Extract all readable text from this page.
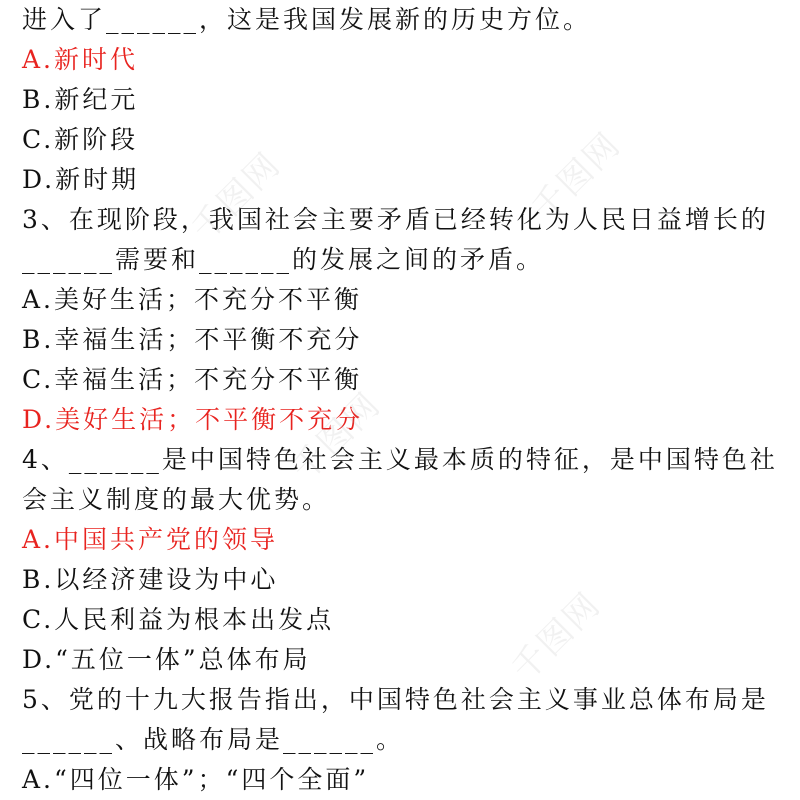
进入了______，这是我国发展新的历史方位。
A.新时代
B.新纪元
C.新阶段
D.新时期
3、在现阶段，我国社会主要矛盾已经转化为人民日益增长的
______需要和______的发展之间的矛盾。
A.美好生活；不充分不平衡
B.幸福生活；不平衡不充分
C.幸福生活；不充分不平衡
D.美好生活；不平衡不充分
4、______是中国特色社会主义最本质的特征，是中国特色社
会主义制度的最大优势。
A.中国共产党的领导
B.以经济建设为中心
C.人民利益为根本出发点
D.“五位一体”总体布局
5、党的十九大报告指出，中国特色社会主义事业总体布局是
______、战略布局是______。
A.“四位一体”；“四个全面”
千图网	千图网
千图网
千图网
